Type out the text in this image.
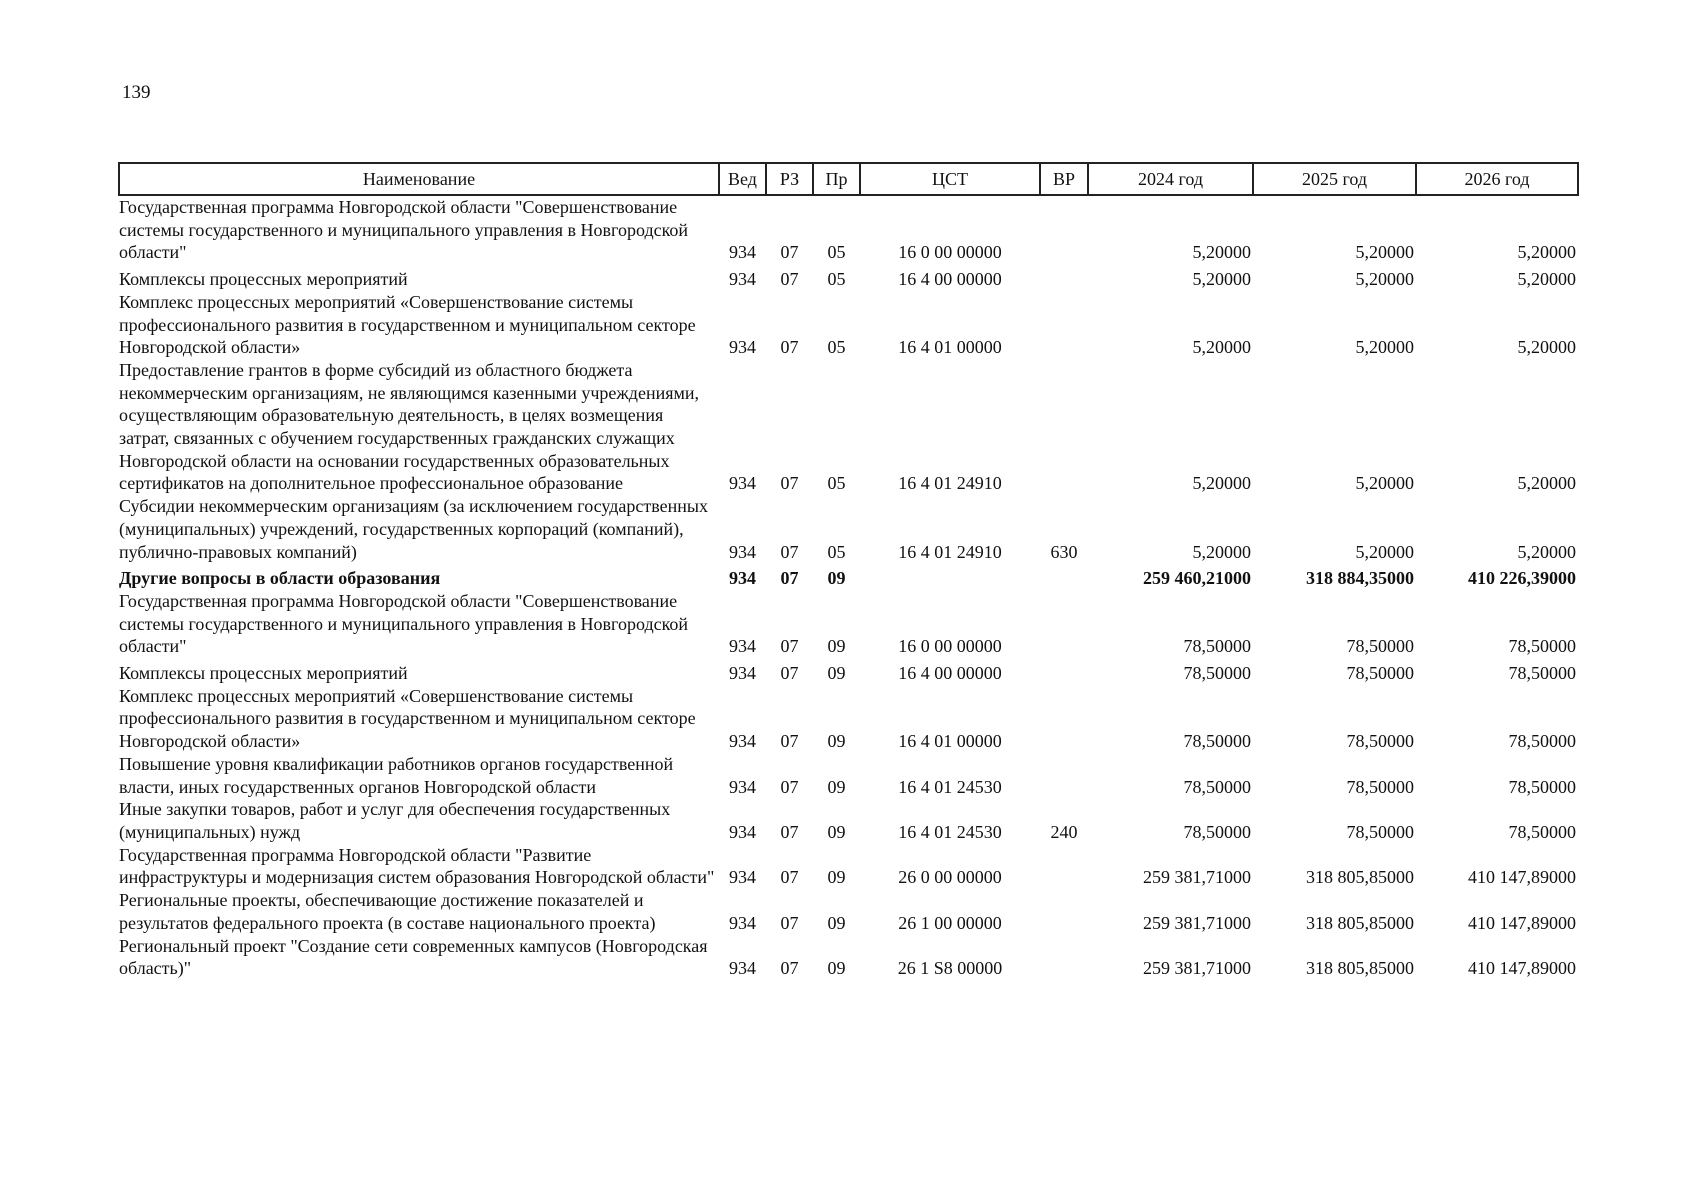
139
Наименование	Вед	РЗ	Пр	ЦСТ	ВР	2024 год	2025 год	2026 год
Государственная программа Новгородской области "Совершенствование системы государственного и муниципального управления в Новгородской области"	934	07	05	16 0 00 00000		5,20000	5,20000	5,20000
Комплексы процессных мероприятий	934	07	05	16 4 00 00000		5,20000	5,20000	5,20000
Комплекс процессных мероприятий «Совершенствование системы профессионального развития в государственном и муниципальном секторе Новгородской области»	934	07	05	16 4 01 00000		5,20000	5,20000	5,20000
Предоставление грантов в форме субсидий из областного бюджета некоммерческим организациям, не являющимся казенными учреждениями, осуществляющим образовательную деятельность, в целях возмещения затрат, связанных с обучением государственных гражданских служащих Новгородской области на основании государственных образовательных сертификатов на дополнительное профессиональное образование	934	07	05	16 4 01 24910		5,20000	5,20000	5,20000
Субсидии некоммерческим организациям (за исключением государственных (муниципальных) учреждений, государственных корпораций (компаний), публично-правовых компаний)	934	07	05	16 4 01 24910	630	5,20000	5,20000	5,20000
Другие вопросы в области образования	934	07	09			259 460,21000	318 884,35000	410 226,39000
Государственная программа Новгородской области "Совершенствование системы государственного и муниципального управления в Новгородской области"	934	07	09	16 0 00 00000		78,50000	78,50000	78,50000
Комплексы процессных мероприятий	934	07	09	16 4 00 00000		78,50000	78,50000	78,50000
Комплекс процессных мероприятий «Совершенствование системы профессионального развития в государственном и муниципальном секторе Новгородской области»	934	07	09	16 4 01 00000		78,50000	78,50000	78,50000
Повышение уровня квалификации работников органов государственной власти, иных государственных органов Новгородской области	934	07	09	16 4 01 24530		78,50000	78,50000	78,50000
Иные закупки товаров, работ и услуг для обеспечения государственных (муниципальных) нужд	934	07	09	16 4 01 24530	240	78,50000	78,50000	78,50000
Государственная программа Новгородской области "Развитие инфраструктуры и модернизация систем образования Новгородской области"	934	07	09	26 0 00 00000		259 381,71000	318 805,85000	410 147,89000
Региональные проекты, обеспечивающие достижение показателей и результатов федерального проекта (в составе национального проекта)	934	07	09	26 1 00 00000		259 381,71000	318 805,85000	410 147,89000
Региональный проект "Создание сети современных кампусов (Новгородская область)"	934	07	09	26 1 S8 00000		259 381,71000	318 805,85000	410 147,89000
